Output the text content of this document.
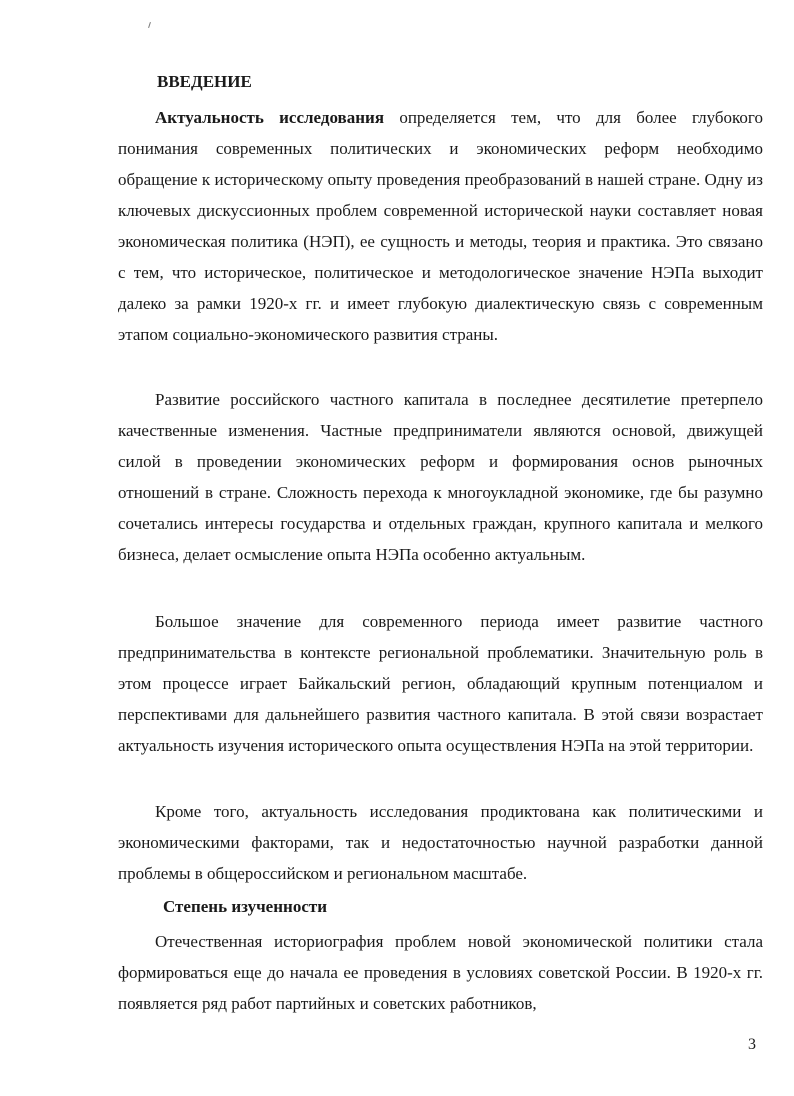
ВВЕДЕНИЕ

Актуальность исследования определяется тем, что для более глубокого понимания современных политических и экономических реформ необходимо обращение к историческому опыту проведения преобразований в нашей стране. Одну из ключевых дискуссионных проблем современной исторической науки составляет новая экономическая политика (НЭП), ее сущность и методы, теория и практика. Это связано с тем, что историческое, политическое и методологическое значение НЭПа выходит далеко за рамки 1920-х гг. и имеет глубокую диалектическую связь с современным этапом социально-экономического развития страны.

Развитие российского частного капитала в последнее десятилетие претерпело качественные изменения. Частные предприниматели являются основой, движущей силой в проведении экономических реформ и формирования основ рыночных отношений в стране. Сложность перехода к многоукладной экономике, где бы разумно сочетались интересы государства и отдельных граждан, крупного капитала и мелкого бизнеса, делает осмысление опыта НЭПа особенно актуальным.

Большое значение для современного периода имеет развитие частного предпринимательства в контексте региональной проблематики. Значительную роль в этом процессе играет Байкальский регион, обладающий крупным потенциалом и перспективами для дальнейшего развития частного капитала. В этой связи возрастает актуальность изучения исторического опыта осуществления НЭПа на этой территории.

Кроме того, актуальность исследования продиктована как политическими и экономическими факторами, так и недостаточностью научной разработки данной проблемы в общероссийском и региональном масштабе.

Степень изученности

Отечественная историография проблем новой экономической политики стала формироваться еще до начала ее проведения в условиях советской России. В 1920-х гг. появляется ряд работ партийных и советских работников,

3
